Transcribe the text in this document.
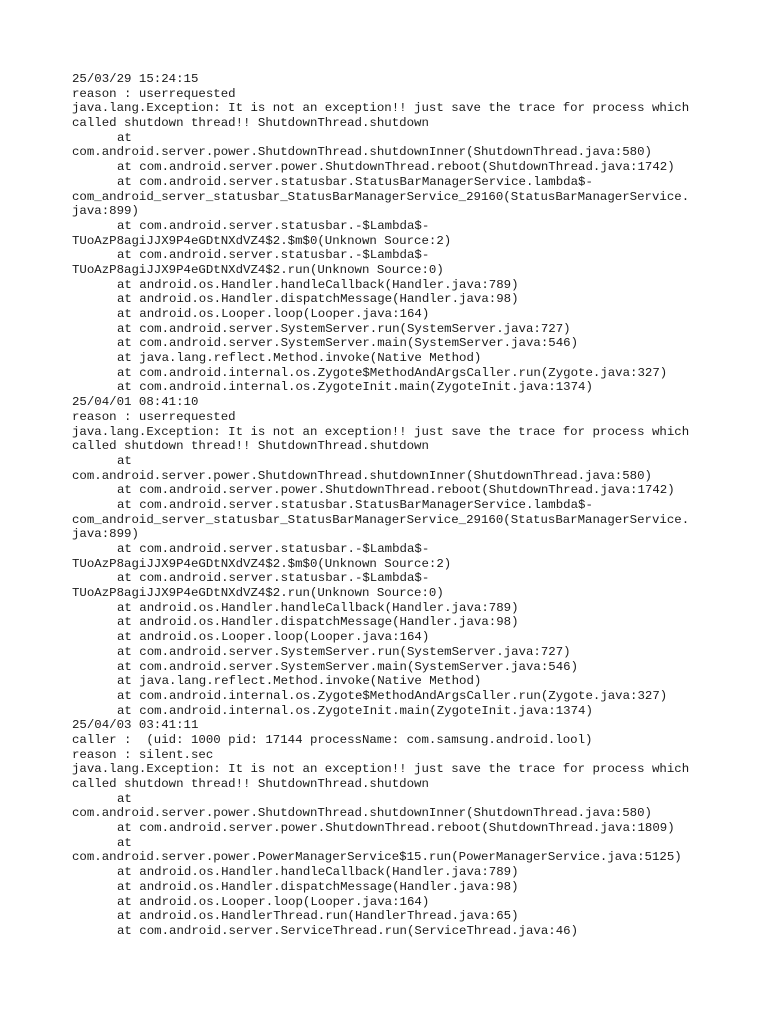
25/03/29 15:24:15
reason : userrequested
java.lang.Exception: It is not an exception!! just save the trace for process which
called shutdown thread!! ShutdownThread.shutdown
at
com.android.server.power.ShutdownThread.shutdownInner(ShutdownThread.java:580)
at com.android.server.power.ShutdownThread.reboot(ShutdownThread.java:1742)
at com.android.server.statusbar.StatusBarManagerService.lambda$-
com_android_server_statusbar_StatusBarManagerService_29160(StatusBarManagerService.
java:899)
at com.android.server.statusbar.-$Lambda$-
TUoAzP8agiJJX9P4eGDtNXdVZ4$2.$m$0(Unknown Source:2)
at com.android.server.statusbar.-$Lambda$-
TUoAzP8agiJJX9P4eGDtNXdVZ4$2.run(Unknown Source:0)
at android.os.Handler.handleCallback(Handler.java:789)
at android.os.Handler.dispatchMessage(Handler.java:98)
at android.os.Looper.loop(Looper.java:164)
at com.android.server.SystemServer.run(SystemServer.java:727)
at com.android.server.SystemServer.main(SystemServer.java:546)
at java.lang.reflect.Method.invoke(Native Method)
at com.android.internal.os.Zygote$MethodAndArgsCaller.run(Zygote.java:327)
at com.android.internal.os.ZygoteInit.main(ZygoteInit.java:1374)
25/04/01 08:41:10
reason : userrequested
java.lang.Exception: It is not an exception!! just save the trace for process which
called shutdown thread!! ShutdownThread.shutdown
at
com.android.server.power.ShutdownThread.shutdownInner(ShutdownThread.java:580)
at com.android.server.power.ShutdownThread.reboot(ShutdownThread.java:1742)
at com.android.server.statusbar.StatusBarManagerService.lambda$-
com_android_server_statusbar_StatusBarManagerService_29160(StatusBarManagerService.
java:899)
at com.android.server.statusbar.-$Lambda$-
TUoAzP8agiJJX9P4eGDtNXdVZ4$2.$m$0(Unknown Source:2)
at com.android.server.statusbar.-$Lambda$-
TUoAzP8agiJJX9P4eGDtNXdVZ4$2.run(Unknown Source:0)
at android.os.Handler.handleCallback(Handler.java:789)
at android.os.Handler.dispatchMessage(Handler.java:98)
at android.os.Looper.loop(Looper.java:164)
at com.android.server.SystemServer.run(SystemServer.java:727)
at com.android.server.SystemServer.main(SystemServer.java:546)
at java.lang.reflect.Method.invoke(Native Method)
at com.android.internal.os.Zygote$MethodAndArgsCaller.run(Zygote.java:327)
at com.android.internal.os.ZygoteInit.main(ZygoteInit.java:1374)
25/04/03 03:41:11
caller :  (uid: 1000 pid: 17144 processName: com.samsung.android.lool)
reason : silent.sec
java.lang.Exception: It is not an exception!! just save the trace for process which
called shutdown thread!! ShutdownThread.shutdown
at
com.android.server.power.ShutdownThread.shutdownInner(ShutdownThread.java:580)
at com.android.server.power.ShutdownThread.reboot(ShutdownThread.java:1809)
at
com.android.server.power.PowerManagerService$15.run(PowerManagerService.java:5125)
at android.os.Handler.handleCallback(Handler.java:789)
at android.os.Handler.dispatchMessage(Handler.java:98)
at android.os.Looper.loop(Looper.java:164)
at android.os.HandlerThread.run(HandlerThread.java:65)
at com.android.server.ServiceThread.run(ServiceThread.java:46)
